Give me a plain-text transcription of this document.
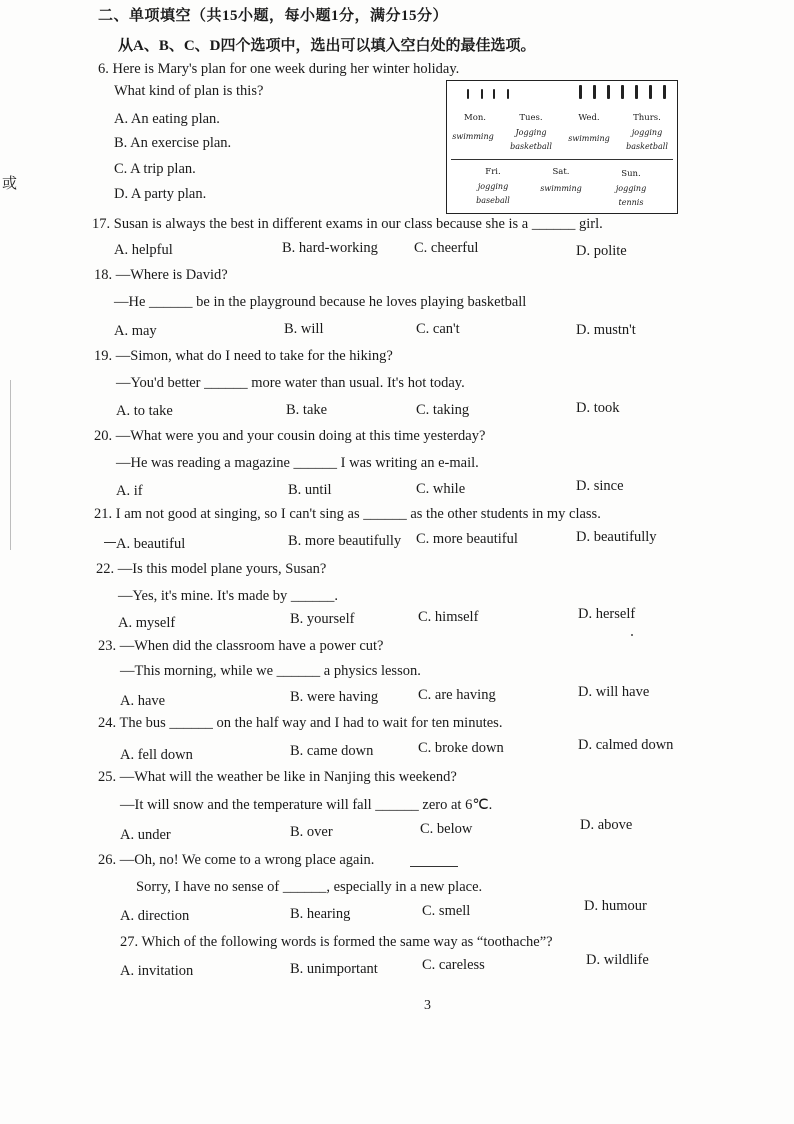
或
二、单项填空（共15小题，每小题1分，满分15分）
从A、B、C、D四个选项中，选出可以填入空白处的最佳选项。
6. Here is Mary's plan for one week during her winter holiday.
What kind of plan is this?
A. An eating plan.
B. An exercise plan.
C. A trip plan.
D. A party plan.
Mon.
swimming
Tues.
Jogging
basketball
Wed.
swimming
Thurs.
jogging
basketball
Fri.
jogging
baseball
Sat.
swimming
Sun.
jogging
tennis
17. Susan is always the best in different exams in our class because she is a ______ girl.
A. helpful	B. hard-working C. cheerful	D. polite
18. —Where is David?
—He ______ be in the playground because he loves playing basketball
A. may	B. will	C. can't	D. mustn't
19. —Simon, what do I need to take for the hiking?
—You'd better ______ more water than usual. It's hot today.
A. to take	B. take	C. taking	D. took
20. —What were you and your cousin doing at this time yesterday?
—He was reading a magazine ______ I was writing an e-mail.
A. if	B. until	C. while	D. since
21. I am not good at singing, so I can't sing as ______ as the other students in my class.
A. beautiful	B. more beautifully C. more beautiful	D. beautifully
22. —Is this model plane yours, Susan?
—Yes, it's mine. It's made by ______.
A. myself	B. yourself	C. himself	D. herself
23. —When did the classroom have a power cut?
—This morning, while we ______ a physics lesson.
A. have	B. were having	C. are having	D. will have
24. The bus ______ on the half way and I had to wait for ten minutes.
A. fell down	B. came down	C. broke down	D. calmed down
25. —What will the weather be like in Nanjing this weekend?
—It will snow and the temperature will fall ______ zero at 6℃.
A. under	B. over	C. below	D. above
26. —Oh, no! We come to a wrong place again.
Sorry, I have no sense of ______, especially in a new place.
A. direction	B. hearing	C. smell	D. humour
27. Which of the following words is formed the same way as “toothache”?
A. invitation	B. unimportant	C. careless	D. wildlife
3
